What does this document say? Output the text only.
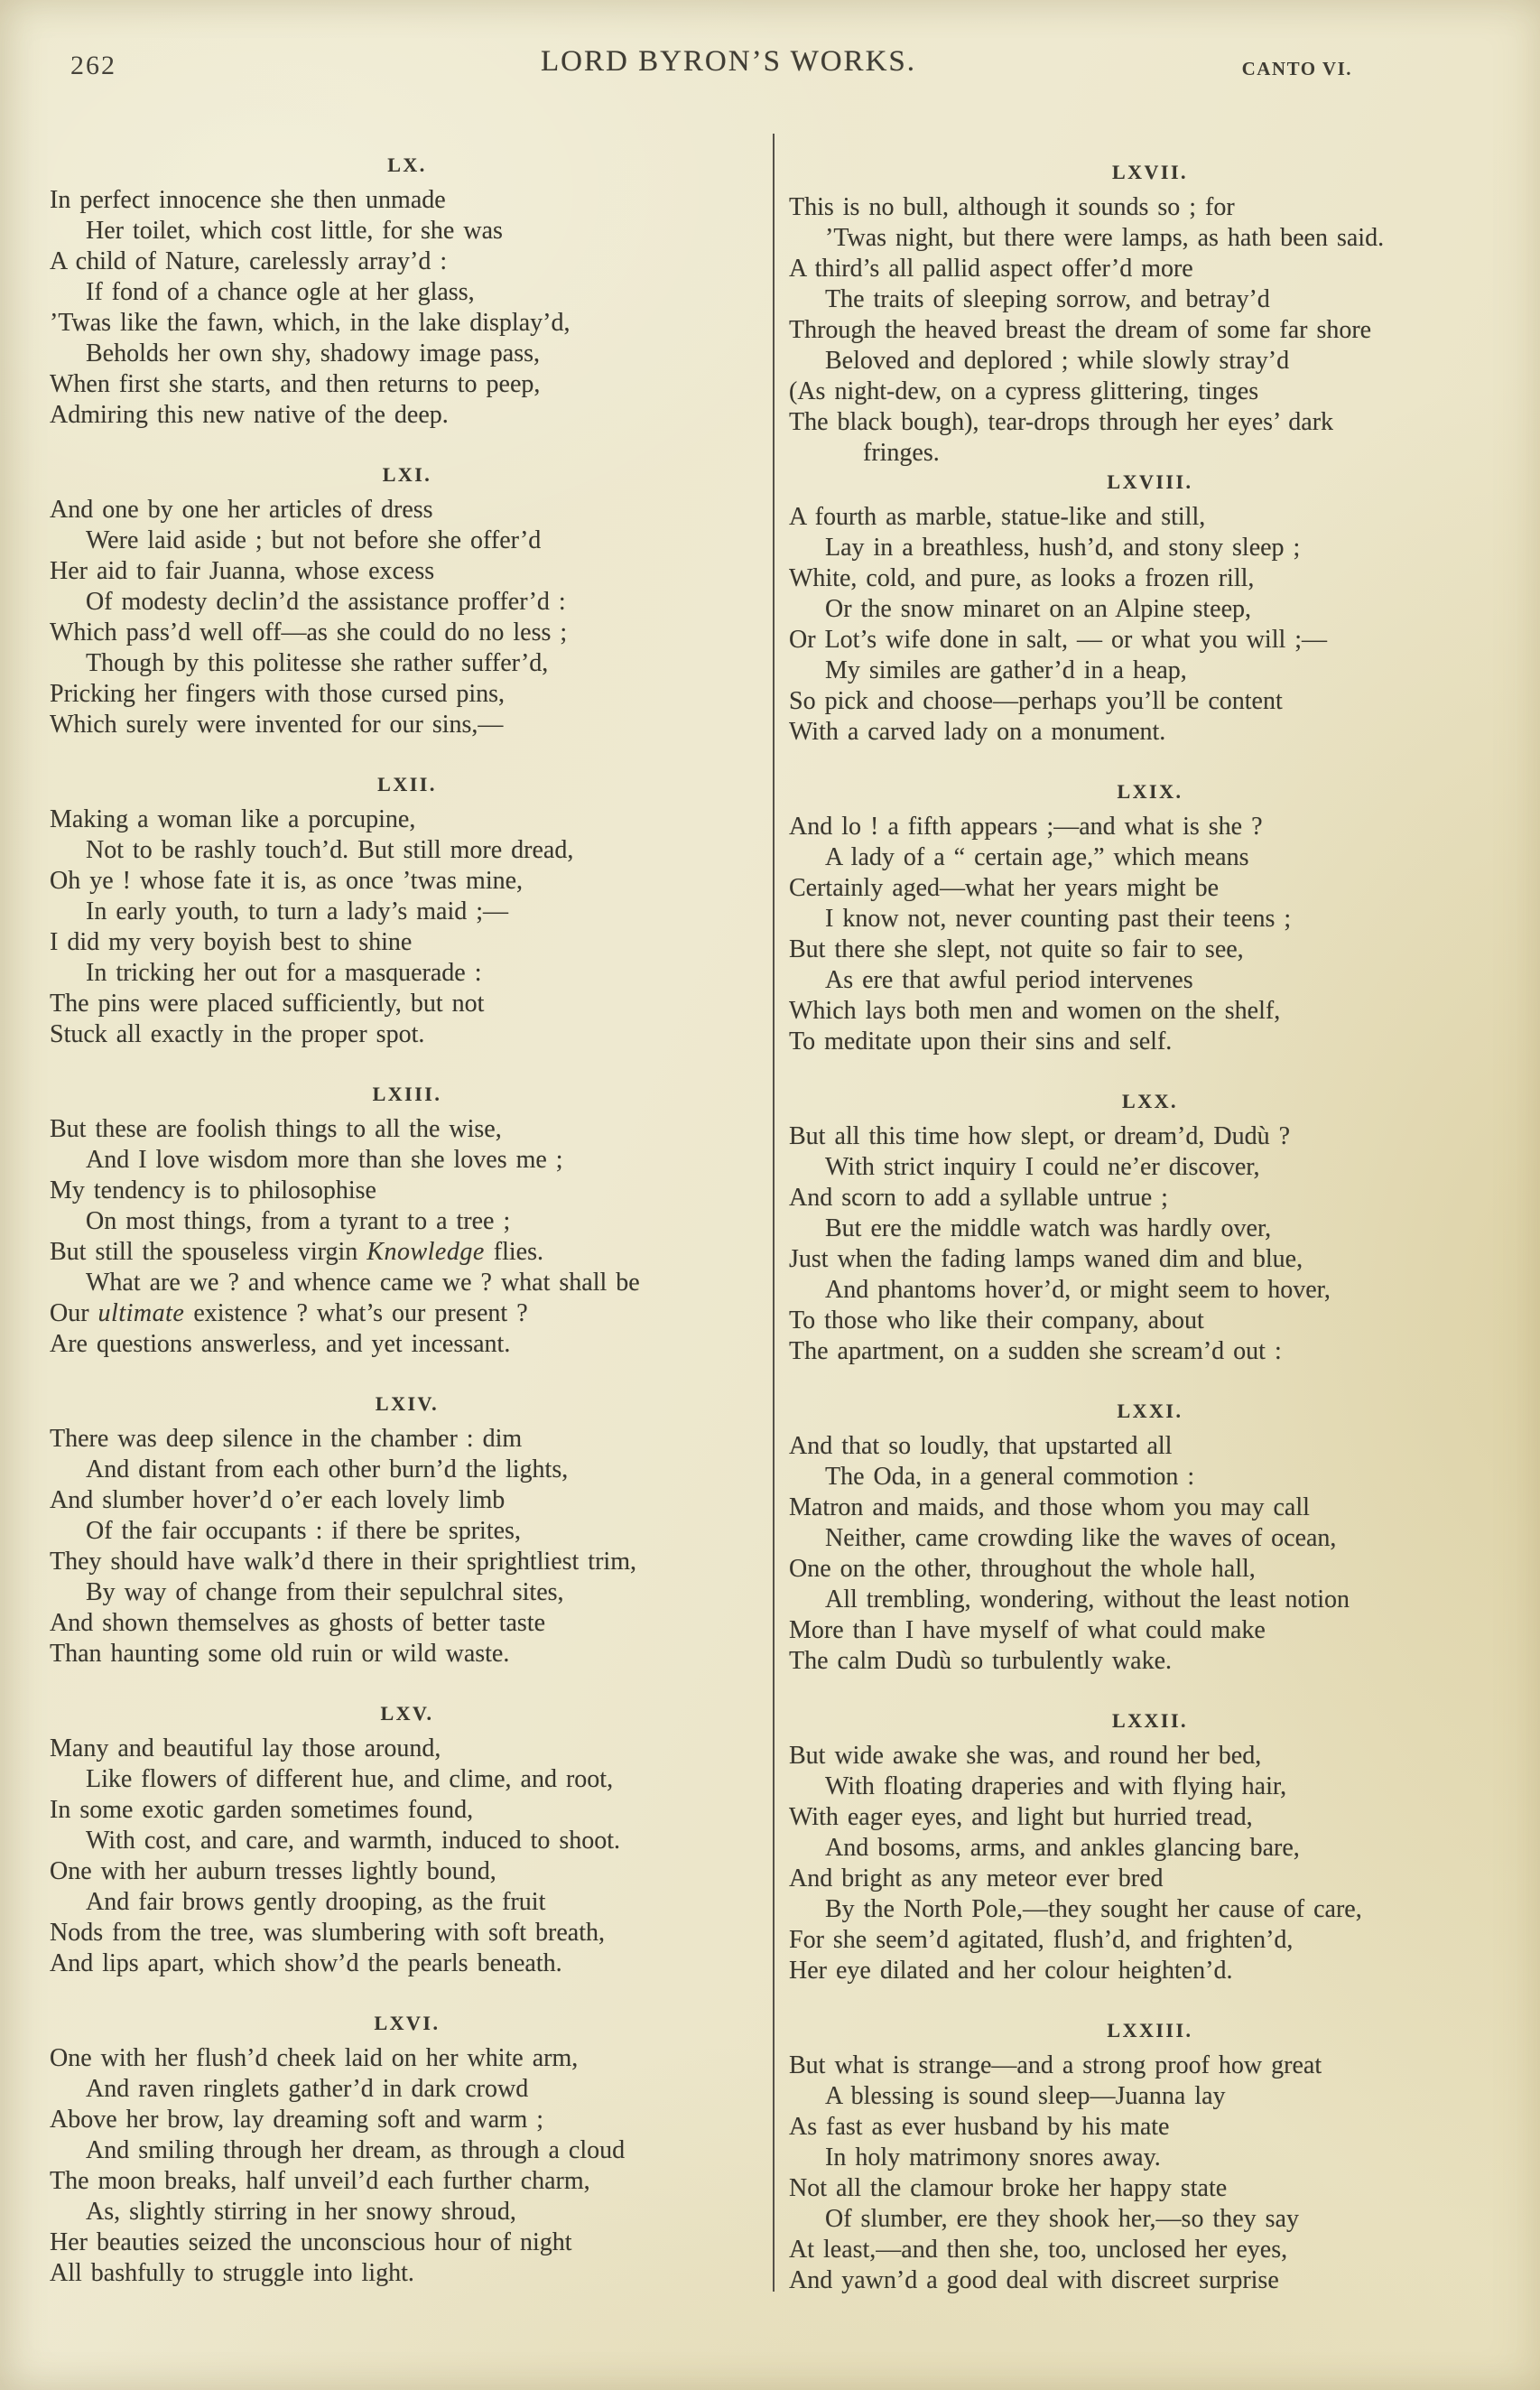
262	LORD BYRON’S WORKS.	CANTO VI.
LX.
In perfect innocence she then unmade
Her toilet, which cost little, for she was
A child of Nature, carelessly array’d :
If fond of a chance ogle at her glass,
’Twas like the fawn, which, in the lake display’d,
Beholds her own shy, shadowy image pass,
When first she starts, and then returns to peep,
Admiring this new native of the deep.
LXI.
And one by one her articles of dress
Were laid aside ; but not before she offer’d
Her aid to fair Juanna, whose excess
Of modesty declin’d the assistance proffer’d :
Which pass’d well off—as she could do no less ;
Though by this politesse she rather suffer’d,
Pricking her fingers with those cursed pins,
Which surely were invented for our sins,—
LXII.
Making a woman like a porcupine,
Not to be rashly touch’d. But still more dread,
Oh ye ! whose fate it is, as once ’twas mine,
In early youth, to turn a lady’s maid ;—
I did my very boyish best to shine
In tricking her out for a masquerade :
The pins were placed sufficiently, but not
Stuck all exactly in the proper spot.
LXIII.
But these are foolish things to all the wise,
And I love wisdom more than she loves me ;
My tendency is to philosophise
On most things, from a tyrant to a tree ;
But still the spouseless virgin Knowledge flies.
What are we ? and whence came we ? what shall be
Our ultimate existence ? what’s our present ?
Are questions answerless, and yet incessant.
LXIV.
There was deep silence in the chamber : dim
And distant from each other burn’d the lights,
And slumber hover’d o’er each lovely limb
Of the fair occupants : if there be sprites,
They should have walk’d there in their sprightliest trim,
By way of change from their sepulchral sites,
And shown themselves as ghosts of better taste
Than haunting some old ruin or wild waste.
LXV.
Many and beautiful lay those around,
Like flowers of different hue, and clime, and root,
In some exotic garden sometimes found,
With cost, and care, and warmth, induced to shoot.
One with her auburn tresses lightly bound,
And fair brows gently drooping, as the fruit
Nods from the tree, was slumbering with soft breath,
And lips apart, which show’d the pearls beneath.
LXVI.
One with her flush’d cheek laid on her white arm,
And raven ringlets gather’d in dark crowd
Above her brow, lay dreaming soft and warm ;
And smiling through her dream, as through a cloud
The moon breaks, half unveil’d each further charm,
As, slightly stirring in her snowy shroud,
Her beauties seized the unconscious hour of night
All bashfully to struggle into light.
LXVII.
This is no bull, although it sounds so ; for
’Twas night, but there were lamps, as hath been said.
A third’s all pallid aspect offer’d more
The traits of sleeping sorrow, and betray’d
Through the heaved breast the dream of some far shore
Beloved and deplored ; while slowly stray’d
(As night-dew, on a cypress glittering, tinges
The black bough), tear-drops through her eyes’ dark
fringes.
LXVIII.
A fourth as marble, statue-like and still,
Lay in a breathless, hush’d, and stony sleep ;
White, cold, and pure, as looks a frozen rill,
Or the snow minaret on an Alpine steep,
Or Lot’s wife done in salt, — or what you will ;—
My similes are gather’d in a heap,
So pick and choose—perhaps you’ll be content
With a carved lady on a monument.
LXIX.
And lo ! a fifth appears ;—and what is she ?
A lady of a “ certain age,” which means
Certainly aged—what her years might be
I know not, never counting past their teens ;
But there she slept, not quite so fair to see,
As ere that awful period intervenes
Which lays both men and women on the shelf,
To meditate upon their sins and self.
LXX.
But all this time how slept, or dream’d, Dudù ?
With strict inquiry I could ne’er discover,
And scorn to add a syllable untrue ;
But ere the middle watch was hardly over,
Just when the fading lamps waned dim and blue,
And phantoms hover’d, or might seem to hover,
To those who like their company, about
The apartment, on a sudden she scream’d out :
LXXI.
And that so loudly, that upstarted all
The Oda, in a general commotion :
Matron and maids, and those whom you may call
Neither, came crowding like the waves of ocean,
One on the other, throughout the whole hall,
All trembling, wondering, without the least notion
More than I have myself of what could make
The calm Dudù so turbulently wake.
LXXII.
But wide awake she was, and round her bed,
With floating draperies and with flying hair,
With eager eyes, and light but hurried tread,
And bosoms, arms, and ankles glancing bare,
And bright as any meteor ever bred
By the North Pole,—they sought her cause of care,
For she seem’d agitated, flush’d, and frighten’d,
Her eye dilated and her colour heighten’d.
LXXIII.
But what is strange—and a strong proof how great
A blessing is sound sleep—Juanna lay
As fast as ever husband by his mate
In holy matrimony snores away.
Not all the clamour broke her happy state
Of slumber, ere they shook her,—so they say
At least,—and then she, too, unclosed her eyes,
And yawn’d a good deal with discreet surprise
